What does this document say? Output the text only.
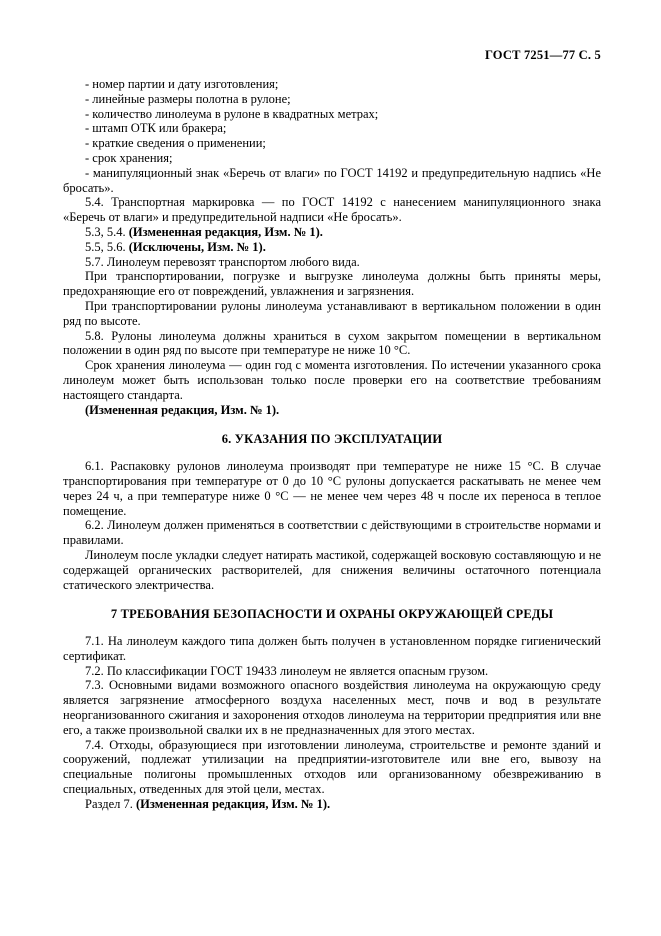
ГОСТ 7251—77 С. 5

- номер партии и дату изготовления;

- линейные размеры полотна в рулоне;

- количество линолеума в рулоне в квадратных метрах;

- штамп ОТК или бракера;

- краткие сведения о применении;

- срок хранения;

- манипуляционный знак «Беречь от влаги» по ГОСТ 14192 и предупредительную надпись «Не бросать».

5.4. Транспортная маркировка — по ГОСТ 14192 с нанесением манипуляционного знака «Беречь от влаги» и предупредительной надписи «Не бросать».

5.3, 5.4. (Измененная редакция, Изм. № 1).

5.5, 5.6. (Исключены, Изм. № 1).

5.7. Линолеум перевозят транспортом любого вида.

При транспортировании, погрузке и выгрузке линолеума должны быть приняты меры, предохраняющие его от повреждений, увлажнения и загрязнения.

При транспортировании рулоны линолеума устанавливают в вертикальном положении в один ряд по высоте.

5.8. Рулоны линолеума должны храниться в сухом закрытом помещении в вертикальном положении в один ряд по высоте при температуре не ниже 10 °С.

Срок хранения линолеума — один год с момента изготовления. По истечении указанного срока линолеум может быть использован только после проверки его на соответствие требованиям настоящего стандарта.

(Измененная редакция, Изм. № 1).

6. УКАЗАНИЯ ПО ЭКСПЛУАТАЦИИ

6.1. Распаковку рулонов линолеума производят при температуре не ниже 15 °С. В случае транспортирования при температуре от 0 до 10 °С рулоны допускается раскатывать не менее чем через 24 ч, а при температуре ниже 0 °С — не менее чем через 48 ч после их переноса в теплое помещение.

6.2. Линолеум должен применяться в соответствии с действующими в строительстве нормами и правилами.

Линолеум после укладки следует натирать мастикой, содержащей восковую составляющую и не содержащей органических растворителей, для снижения величины остаточного потенциала статического электричества.

7 ТРЕБОВАНИЯ БЕЗОПАСНОСТИ И ОХРАНЫ ОКРУЖАЮЩЕЙ СРЕДЫ

7.1. На линолеум каждого типа должен быть получен в установленном порядке гигиенический сертификат.

7.2. По классификации ГОСТ 19433 линолеум не является опасным грузом.

7.3. Основными видами возможного опасного воздействия линолеума на окружающую среду является загрязнение атмосферного воздуха населенных мест, почв и вод в результате неорганизованного сжигания и захоронения отходов линолеума на территории предприятия или вне его, а также произвольной свалки их в не предназначенных для этого местах.

7.4. Отходы, образующиеся при изготовлении линолеума, строительстве и ремонте зданий и сооружений, подлежат утилизации на предприятии-изготовителе или вне его, вывозу на специальные полигоны промышленных отходов или организованному обезвреживанию в специальных, отведенных для этой цели, местах.

Раздел 7. (Измененная редакция, Изм. № 1).
